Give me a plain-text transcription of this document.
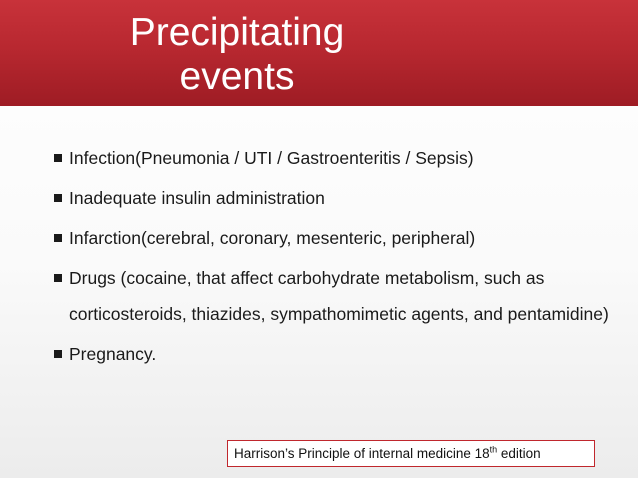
Precipitating events
Infection(Pneumonia / UTI / Gastroenteritis / Sepsis)
Inadequate insulin administration
Infarction(cerebral, coronary, mesenteric, peripheral)
Drugs (cocaine, that affect carbohydrate metabolism, such as corticosteroids, thiazides, sympathomimetic agents, and pentamidine)
Pregnancy.
Harrison’s Principle of internal medicine 18th edition
